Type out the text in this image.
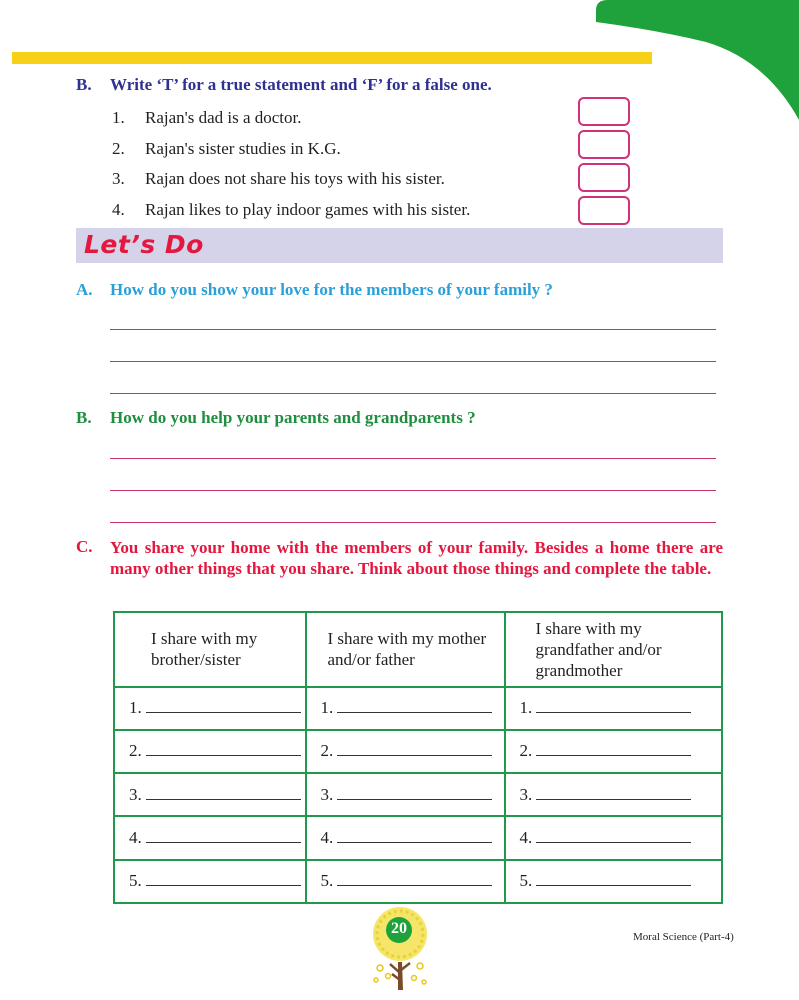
B. Write ‘T’ for a true statement and ‘F’ for a false one.
1.	Rajan's dad is a doctor.
2.	Rajan's sister studies in K.G.
3.	Rajan does not share his toys with his sister.
4.	Rajan likes to play indoor games with his sister.
Let’s Do
A. How do you show your love for the members of your family ?
B. How do you help your parents and grandparents ?
C. You share your home with the members of your family. Besides a home there are many other things that you share. Think about those things and complete the table.
I share with my brother/sister	I share with my mother and/or father	I share with my grandfather and/or grandmother
1.	1.	1.
2.	2.	2.
3.	3.	3.
4.	4.	4.
5.	5.	5.
20	Moral Science (Part-4)
